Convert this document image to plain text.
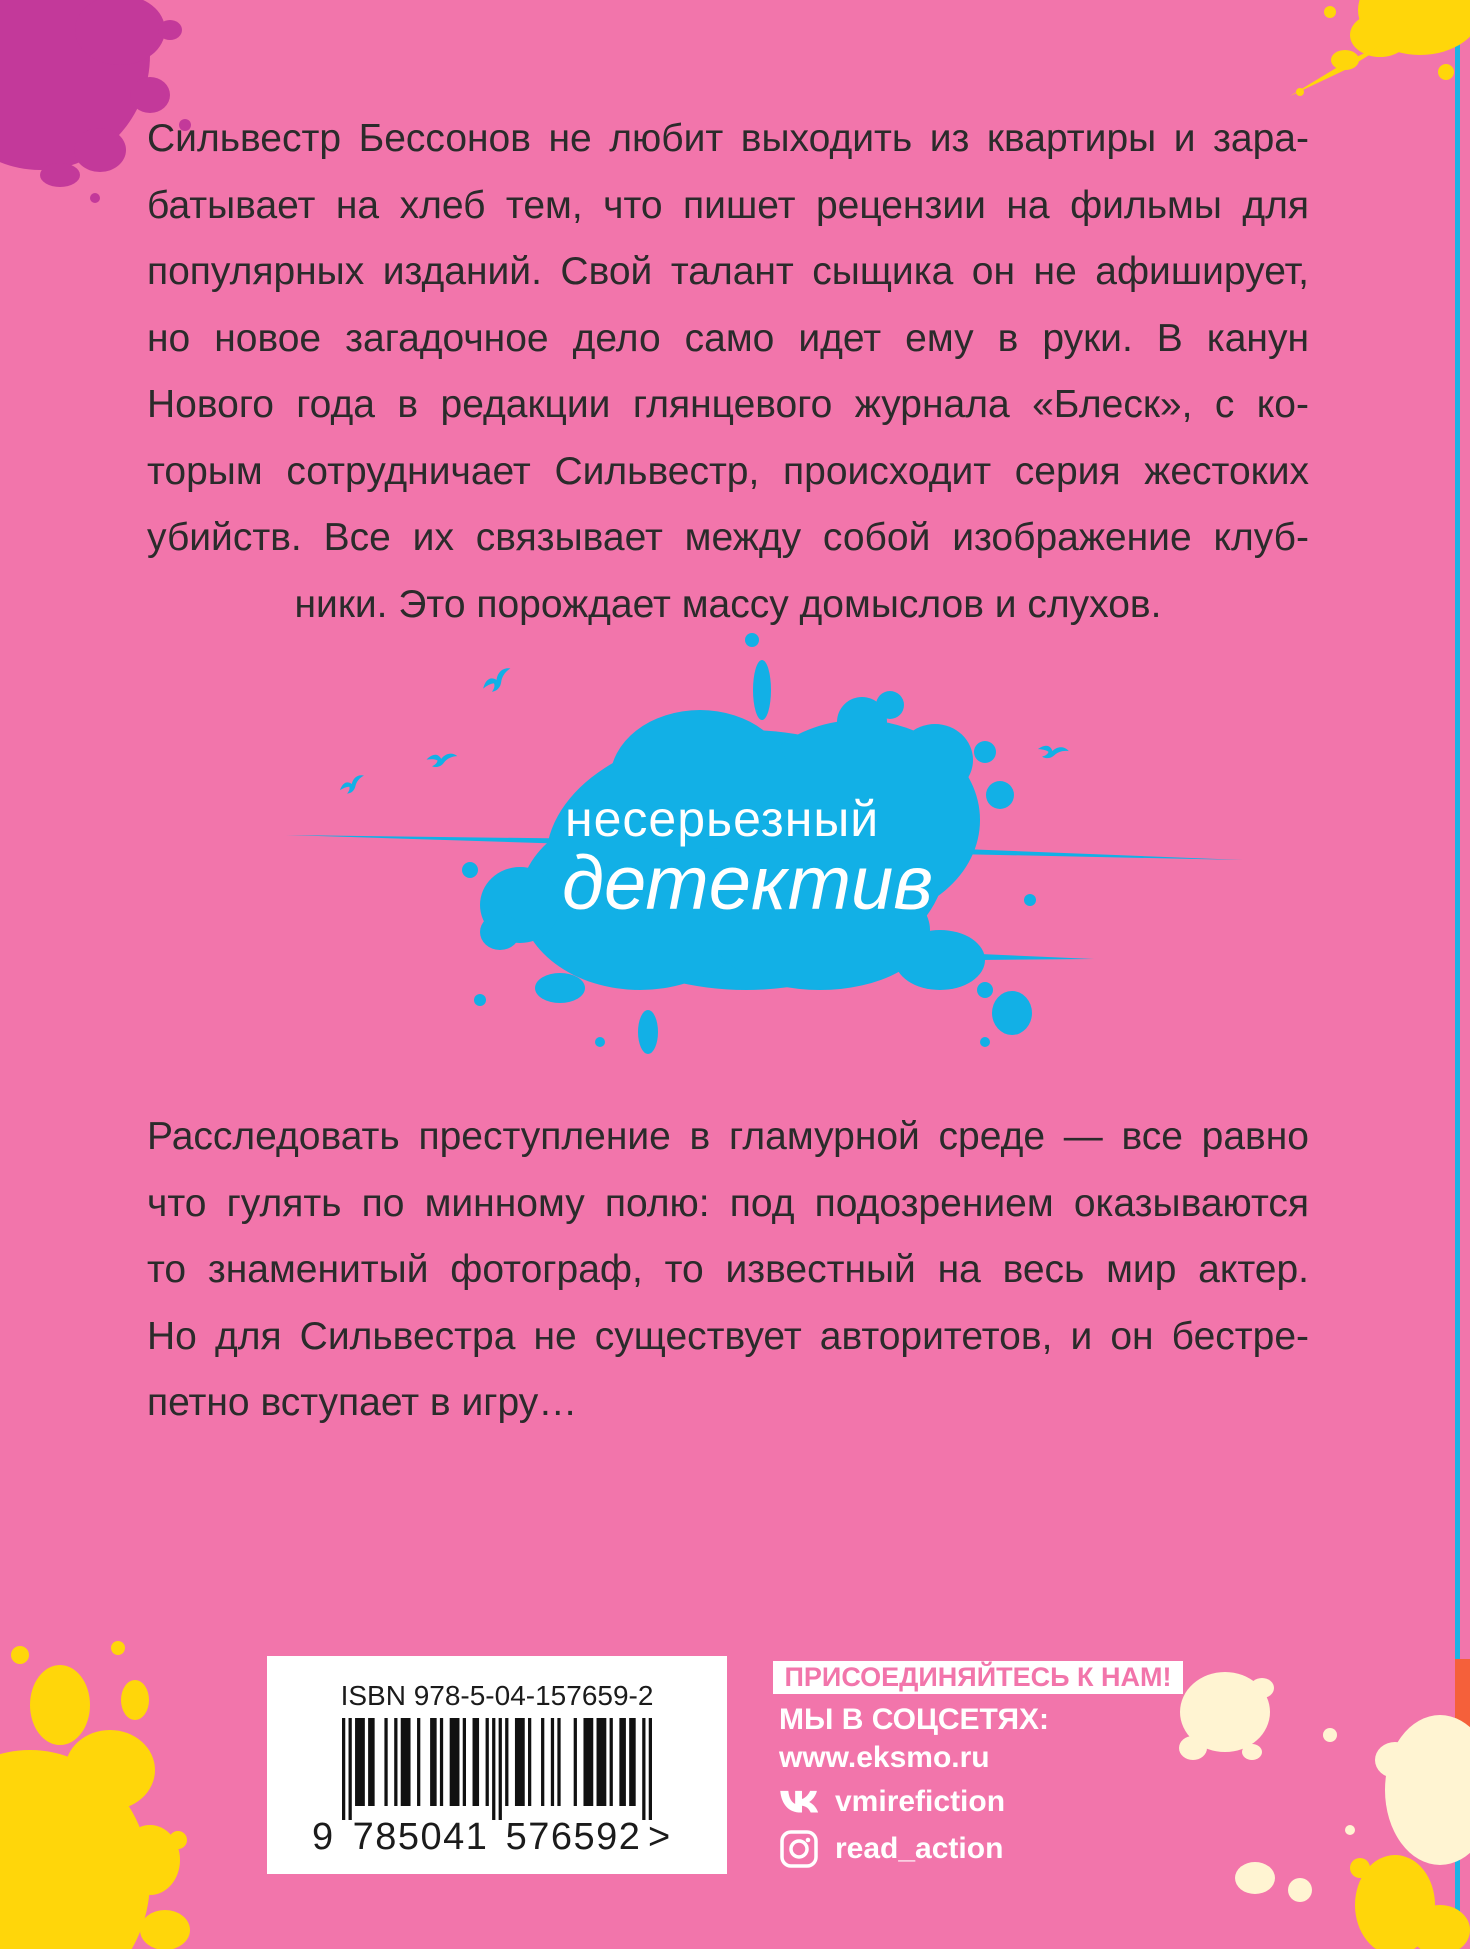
Сильвестр Бессонов не любит выходить из квартиры и зара-
батывает на хлеб тем, что пишет рецензии на фильмы для
популярных изданий. Свой талант сыщика он не афиширует,
но новое загадочное дело само идет ему в руки. В канун
Нового года в редакции глянцевого журнала «Блеск», с ко-
торым сотрудничает Сильвестр, происходит серия жестоких
убийств. Все их связывает между собой изображение клуб-
ники. Это порождает массу домыслов и слухов.
несерьезный
детектив
Расследовать преступление в гламурной среде — все равно
что гулять по минному полю: под подозрением оказываются
то знаменитый фотограф, то известный на весь мир актер.
Но для Сильвестра не существует авторитетов, и он бестре-
петно вступает в игру…
ISBN 978-5-04-157659-2
9 785041 576592 >
ПРИСОЕДИНЯЙТЕСЬ К НАМ!
МЫ В СОЦСЕТЯХ:
www.eksmo.ru
vmirefiction
read_action
